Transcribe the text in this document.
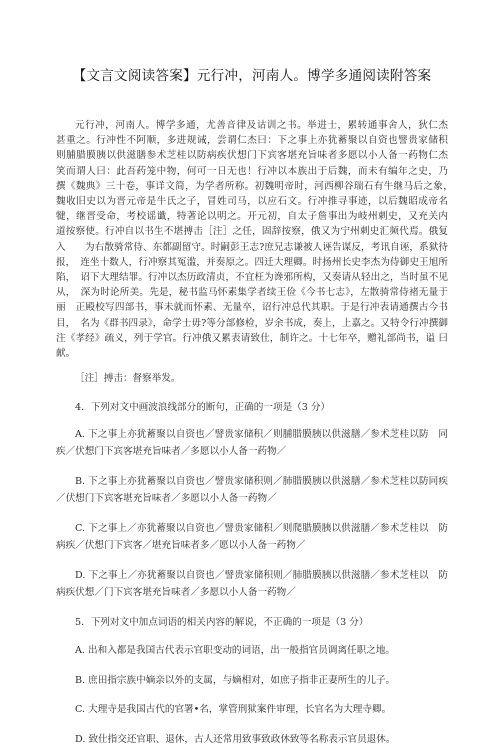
【文言文阅读答案】元行冲，河南人。博学多通阅读附答案

元行冲，河南人。博学多通，尤善音律及诂训之书。举进士，累转通事舍人，狄仁杰　甚重之。行冲性不阿顺，多进规诫，尝谓仁杰曰：下之事上亦犹蓄聚以自资也譬贵家储积　则脯腊膜胰以供滋膳参术芝桂以防病疾伏想门下宾客堪充旨味者多愿以小人备一药物仁杰　笑而谓人曰：此吾药笼中物，何可一日无也！行冲以本族出于后魏，而未有编年之史，乃　　撰《魏典》三十卷，事详文简，为学者所称。初魏明帝时，河西柳谷瑞石有牛继马后之象，　魏收旧史以为晋元帝是牛氏之子，冒姓司马，以应石文。行冲推寻事迹，以后魏昭成帝名　犍，继晋受命，考校谣谶，特著论以明之。开元初，自太子詹事出为岐州刺史，又充关内　道按察使。行冲自以书生不堪搏击［注］之任，固辞按察，俄又为宁州刺史汇频代焉。俄复入　　为右散骑常侍、东都副留守。时嗣彭王志?庶兄志谦被人诬告谋反，考讯自诬，系狱待报，　连坐十数人，行冲察其冤滥，并奏原之。四迁大理卿。时扬州长史李杰为侍御史王旭所陷，　诏下大理结罪。行冲以杰历政清贞，不宜枉为谗邪所构，又奏请从轻出之，当时虽不见从，　深为时论所美。先是，秘书监马怀素集学者续王俭《今书七志》，左散骑常侍褚无量于丽　正殿校写四部书，事未就而怀素、无量卒，诏行冲总代其职。于是行冲表请通撰古今书目，　名为《群书四录》，命学士毋?等分部修检，岁余书成，奏上，上嘉之。又特令行冲撰御　　注《孝经》疏义，列于学官。行冲俄又累表请致仕，制许之。十七年卒，赠礼部尚书，谥 曰献。

［注］搏击：督察举发。

4．下列对文中画波浪线部分的断句，正确的一项是（3 分）

A. 下之事上亦犹蓄聚以自资也／譬贵家储积／则脯腊膜胰以供滋膳／参术芝桂以防　同疾／伏想门下宾客堪充旨味者／多愿以小人备一药物／

B. 下之事上亦犹蓄聚以自资也／譬贵家储积则／肺腊膜胰以供滋膳／参术芝桂以防同疾／伏想门下宾客堪充旨味者／多愿以小人备一药物／

C. 下之事上／亦犹蓄聚以自资也／譬贵家储积／则爬腊膜胰以供滋膳／参术芝桂以　防病疾／伏想门下宾客／堪充旨味者多／愿以小人备一药物／

D. 下之事上／亦犹蓄聚以自资也／譬贵家储积则／肺腊膜胰以供滋膳／参术芝桂以　防病疾伏想／门下宾客堪充旨味者／多愿以小人备一药物／

5．下列对文中加点词语的相关内容的解说，不正确的一项是（3 分）

A. 出和入都是我国古代表示官职变动的词语，出一般指官员调离任职之地。

B. 庶田指宗族中嫡亲以外的支属，与嫡相对，如庶子指非正妻所生的儿子。

C. 大理寺是我国古代的官署•名，掌管刑狱案件审理，长官名为大理寺卿。

D. 致仕指交还官职、退休，古人还常用致事致政休致等名称表示官员退休。
